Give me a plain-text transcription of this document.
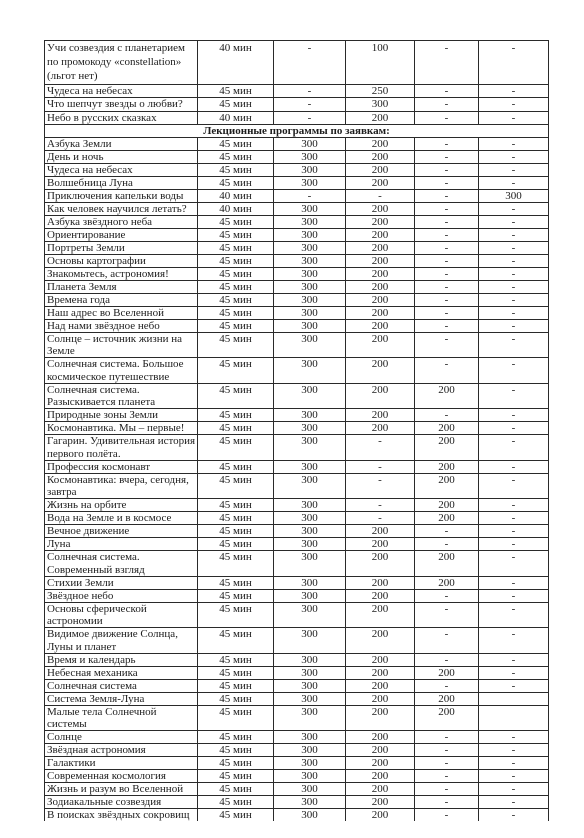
Учи созвездия с планетарием
по промокоду «constellation»
(льгот нет)
40 мин	-	100	-	-
Чудеса на небесах	45 мин	-	250	-	-
Что шепчут звезды о любви?	45 мин	-	300	-	-
Небо в русских сказках	40 мин	-	200	-	-
Лекционные программы по заявкам:
Азбука Земли	45 мин	300	200	-	-
День и ночь	45 мин	300	200	-	-
Чудеса на небесах	45 мин	300	200	-	-
Волшебница Луна	45 мин	300	200	-	-
Приключения капельки воды	40 мин	-	-	-	300
Как человек научился летать?	40 мин	300	200	-	-
Азбука звёздного неба	45 мин	300	200	-	-
Ориентирование	45 мин	300	200	-	-
Портреты Земли	45 мин	300	200	-	-
Основы картографии	45 мин	300	200	-	-
Знакомьтесь, астрономия!	45 мин	300	200	-	-
Планета Земля	45 мин	300	200	-	-
Времена года	45 мин	300	200	-	-
Наш адрес во Вселенной	45 мин	300	200	-	-
Над нами звёздное небо	45 мин	300	200	-	-
Солнце – источник жизни на
Земле
45 мин	300	200	-	-
Солнечная система. Большое
космическое путешествие
45 мин	300	200	-	-
Солнечная система.
Разыскивается планета
45 мин	300	200	200	-
Природные зоны Земли	45 мин	300	200	-	-
Космонавтика. Мы – первые!	45 мин	300	200	200	-
Гагарин. Удивительная история
первого полёта.
45 мин	300	-	200	-
Профессия космонавт	45 мин	300	-	200	-
Космонавтика: вчера, сегодня,
завтра
45 мин	300	-	200	-
Жизнь на орбите	45 мин	300	-	200	-
Вода на Земле и в космосе	45 мин	300	-	200	-
Вечное движение	45 мин	300	200	-	-
Луна	45 мин	300	200	-	-
Солнечная система.
Современный взгляд
45 мин	300	200	200	-
Стихии Земли	45 мин	300	200	200	-
Звёздное небо	45 мин	300	200	-	-
Основы сферической
астрономии
45 мин	300	200	-	-
Видимое движение Солнца,
Луны и планет
45 мин	300	200	-	-
Время и календарь	45 мин	300	200	-	-
Небесная механика	45 мин	300	200	200	-
Солнечная система	45 мин	300	200	-	-
Система Земля-Луна	45 мин	300	200	200
Малые тела Солнечной
системы
45 мин	300	200	200
Солнце	45 мин	300	200	-	-
Звёздная астрономия	45 мин	300	200	-	-
Галактики	45 мин	300	200	-	-
Современная космология	45 мин	300	200	-	-
Жизнь и разум во Вселенной	45 мин	300	200	-	-
Зодиакальные созвездия	45 мин	300	200	-	-
В поисках звёздных сокровищ	45 мин	300	200	-	-
